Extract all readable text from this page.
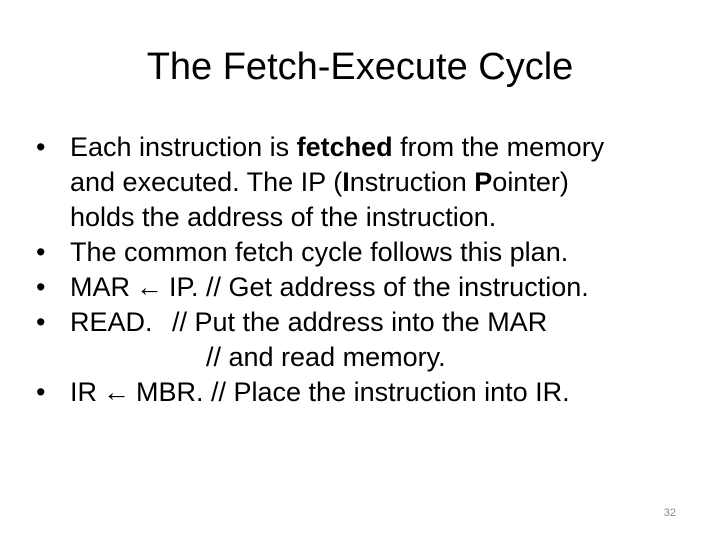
The Fetch-Execute Cycle
• Each instruction is fetched from the memory
and executed. The IP (Instruction Pointer)
holds the address of the instruction.
• The common fetch cycle follows this plan.
• MAR ← IP. // Get address of the instruction.
• READ. // Put the address into the MAR
// and read memory.
• IR ← MBR. // Place the instruction into IR.
32
